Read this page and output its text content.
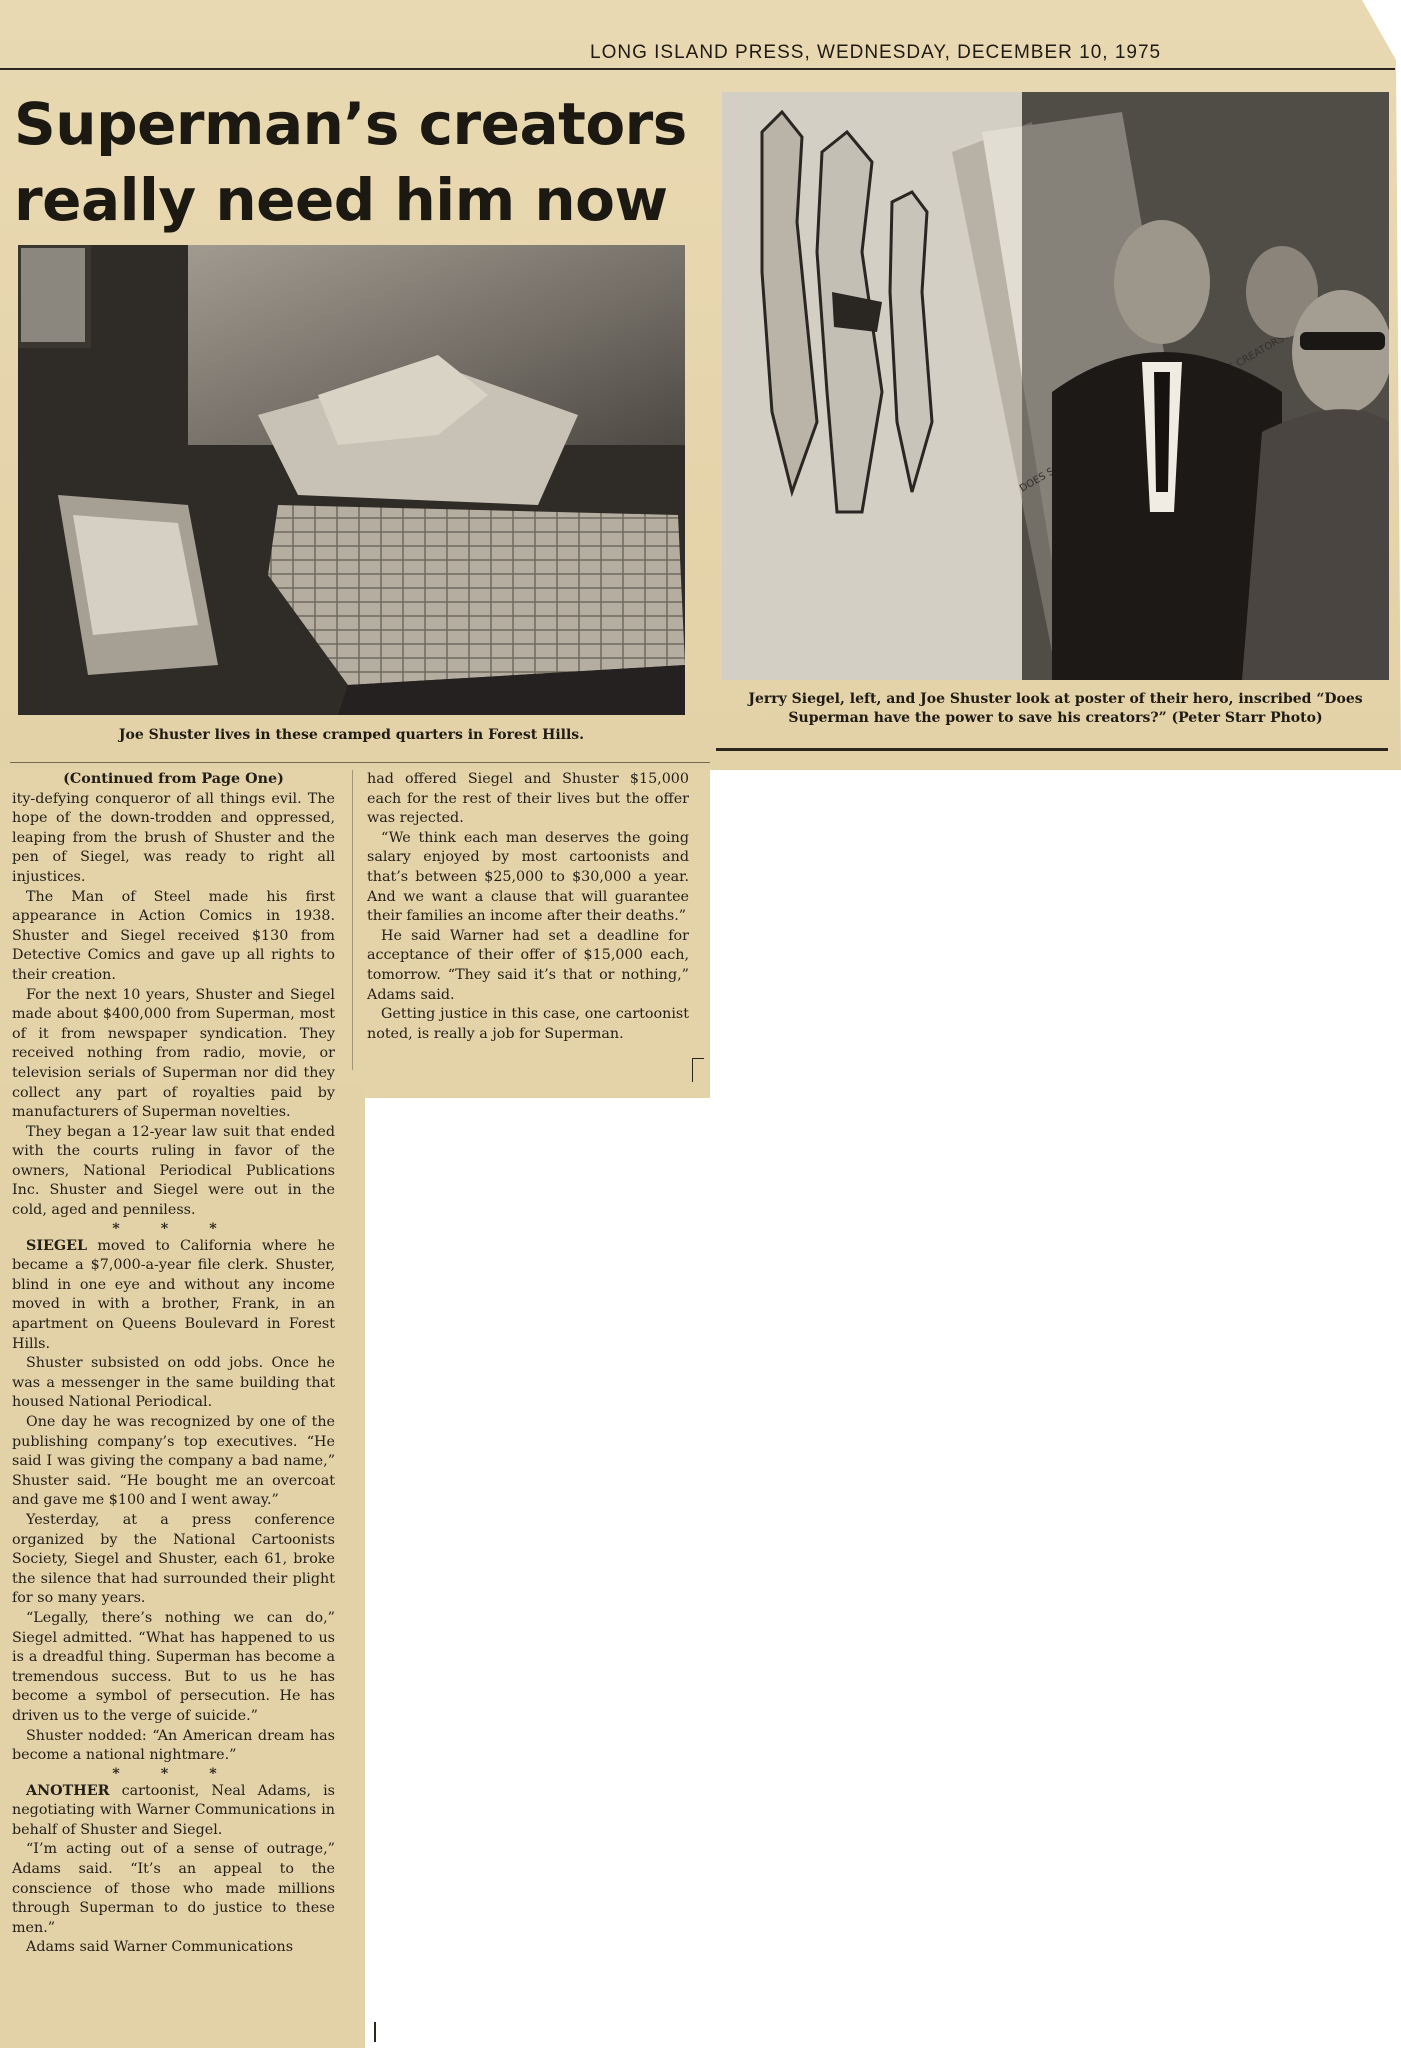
LONG ISLAND PRESS, WEDNESDAY, DECEMBER 10, 1975
Superman’s creators
really need him now
Joe Shuster lives in these cramped quarters in Forest Hills.
Jerry Siegel, left, and Joe Shuster look at poster of their hero, inscribed “Does Superman have the power to save his creators?” (Peter Starr Photo)

(Continued from Page One)

ity-defying conqueror of all things evil. The hope of the down-trodden and oppressed, leaping from the brush of Shuster and the pen of Siegel, was ready to right all injustices.

The Man of Steel made his first appearance in Action Comics in 1938. Shuster and Siegel received $130 from Detective Comics and gave up all rights to their creation.

For the next 10 years, Shuster and Siegel made about $400,000 from Superman, most of it from newspaper syndication. They received nothing from radio, movie, or television serials of Superman nor did they collect any part of royalties paid by manufacturers of Superman novelties.

They began a 12-year law suit that ended with the courts ruling in favor of the owners, National Periodical Publications Inc. Shuster and Siegel were out in the cold, aged and penniless.

* * *

SIEGEL moved to California where he became a $7,000-a-year file clerk. Shuster, blind in one eye and without any income moved in with a brother, Frank, in an apartment on Queens Boulevard in Forest Hills.

Shuster subsisted on odd jobs. Once he was a messenger in the same building that housed National Periodical.

One day he was recognized by one of the publishing company’s top executives. “He said I was giving the company a bad name,” Shuster said. “He bought me an overcoat and gave me $100 and I went away.”

Yesterday, at a press conference organized by the National Cartoonists Society, Siegel and Shuster, each 61, broke the silence that had surrounded their plight for so many years.

“Legally, there’s nothing we can do,” Siegel admitted. “What has happened to us is a dreadful thing. Superman has become a tremendous success. But to us he has become a symbol of persecution. He has driven us to the verge of suicide.”

Shuster nodded: “An American dream has become a national nightmare.”

* * *

ANOTHER cartoonist, Neal Adams, is negotiating with Warner Communications in behalf of Shuster and Siegel.

“I’m acting out of a sense of outrage,” Adams said. “It’s an appeal to the conscience of those who made millions through Superman to do justice to these men.”

Adams said Warner Communications

had offered Siegel and Shuster $15,000 each for the rest of their lives but the offer was rejected.

“We think each man deserves the going salary enjoyed by most cartoonists and that’s between $25,000 to $30,000 a year. And we want a clause that will guarantee their families an income after their deaths.”

He said Warner had set a deadline for acceptance of their offer of $15,000 each, tomorrow. “They said it’s that or nothing,” Adams said.

Getting justice in this case, one cartoonist noted, is really a job for Superman.
